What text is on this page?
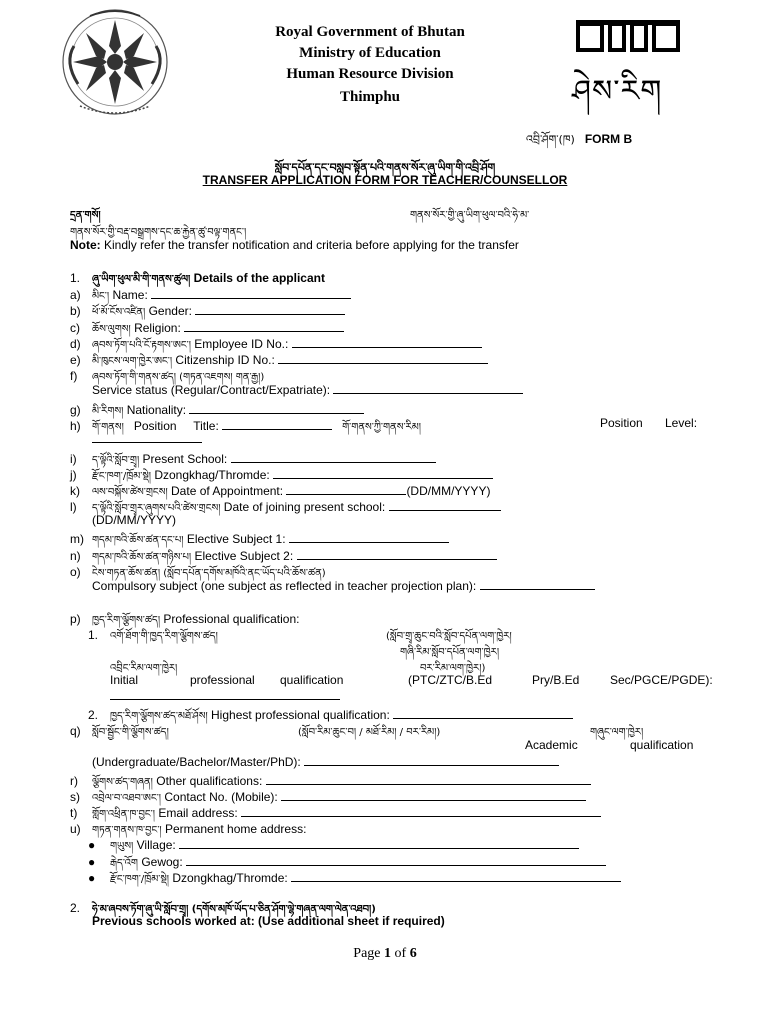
Royal Government of Bhutan
Ministry of Education
Human Resource Division
Thimphu	ཤེས་རིག
འབྲི་ཤོག་(ཁ) FORM B
སློབ་དཔོན་དང་བསླབ་སྟོན་པའི་གནས་སོར་ཞུ་ཡིག་གི་འབྲི་ཤོག
TRANSFER APPLICATION FORM FOR TEACHER/COUNSELLOR
དྲན་གསོ།	གནས་སོར་གྱི་ཞུ་ཡིག་ཕུལ་བའི་ཧེ་མ་
གནས་སོར་གྱི་བརྡ་བསྒྲགས་དང་ཆ་རྐྱེན་ཚུ་བལྟ་གནང་།
Note: Kindly refer the transfer notification and criteria before applying for the transfer
1. ཞུ་ཡིག་ཕུལ་མི་གི་གནས་ཚུལ། Details of the applicant
a) མིང་། Name:
b) ཕོ་མོ་ངོས་འཛིན། Gender:
c) ཆོས་ལུགས། Religion:
d) ཞབས་ཏོག་པའི་ངོ་རྟགས་ཨང་། Employee ID No.:
e) མི་ཁུངས་ལག་ཁྱེར་ཨང་། Citizenship ID No.:
f) ཞབས་ཏོག་གི་གནས་ཚད། (གཏན་འཇགས། གན་རྒྱ།)
Service status (Regular/Contract/Expatriate):
g) མི་རིགས། Nationality:
h) གོ་གནས། Position Title:	གོ་གནས་ཀྱི་གནས་རིམ།	Position Level:
i) ད་ལྟོའི་སློབ་གྲྭ། Present School:
j) རྫོང་ཁག་/ཁྲོམ་སྡེ། Dzongkhag/Thromde:
k) ལས་བསྐོས་ཚེས་གྲངས། Date of Appointment:	(DD/MM/YYYY)
l) ད་ལྟོའི་སློབ་གྲྭར་ཞུགས་པའི་ཚེས་གྲངས། Date of joining present school:
(DD/MM/YYYY)
m) གདམ་ཁའི་ཆོས་ཚན་དང་པ། Elective Subject 1:
n) གདམ་ཁའི་ཆོས་ཚན་གཉིས་པ། Elective Subject 2:
o) ངེས་གཏན་ཆོས་ཚན། (སློབ་དཔོན་དགོས་མཁོའི་ནང་ཡོད་པའི་ཆོས་ཚན)
Compulsory subject (one subject as reflected in teacher projection plan):
p) ཁྱད་རིག་ལྕོགས་ཚད། Professional qualification:
1. འགོ་ཐོག་གི་ཁྱད་རིག་ལྕོགས་ཚད།	(སློབ་གྲྭ་ཆུང་བའི་སློབ་དཔོན་ལག་ཁྱེར།
གཞི་རིམ་སློབ་དཔོན་ལག་ཁྱེར།
འབྲིང་རིམ་ལག་ཁྱེར།	བར་རིམ་ལག་ཁྱེར།)
Initial	professional qualification	(PTC/ZTC/B.Ed	Pry/B.Ed	Sec/PGCE/PGDE):
2. ཁྱད་རིག་ལྕོགས་ཚད་མཐོ་ཤོས། Highest professional qualification:
q) སློབ་སྦྱོང་གི་ལྕོགས་ཚད།	(སློབ་རིམ་ཆུང་བ། / མཐོ་རིམ། / བར་རིམ།)	གཞུང་ལག་ཁྱེར།
Academic	qualification
(Undergraduate/Bachelor/Master/PhD):
r) ལྕོགས་ཚད་གཞན། Other qualifications:
s) འབྲེལ་བ་འཐབ་ཨང་། Contact No. (Mobile):
t) གློག་འཕྲིན་ཁ་བྱང་། Email address:
u) གཏན་གནས་ཁ་བྱང་། Permanent home address:
● གཡུས། Village:
● རྒེད་འོག Gewog:
● རྫོང་ཁག་/ཁྲོམ་སྡེ། Dzongkhag/Thromde:
2. ཧེ་མ་ཞབས་ཏོག་ཞུ་ཡི་སློབ་གྲྭ། (དགོས་མཁོ་ཡོད་པ་ཅིན་ཤོག་ལྷེ་གཞན་ལག་ལེན་འཐབ།)
Previous schools worked at: (Use additional sheet if required)
Page 1 of 6
